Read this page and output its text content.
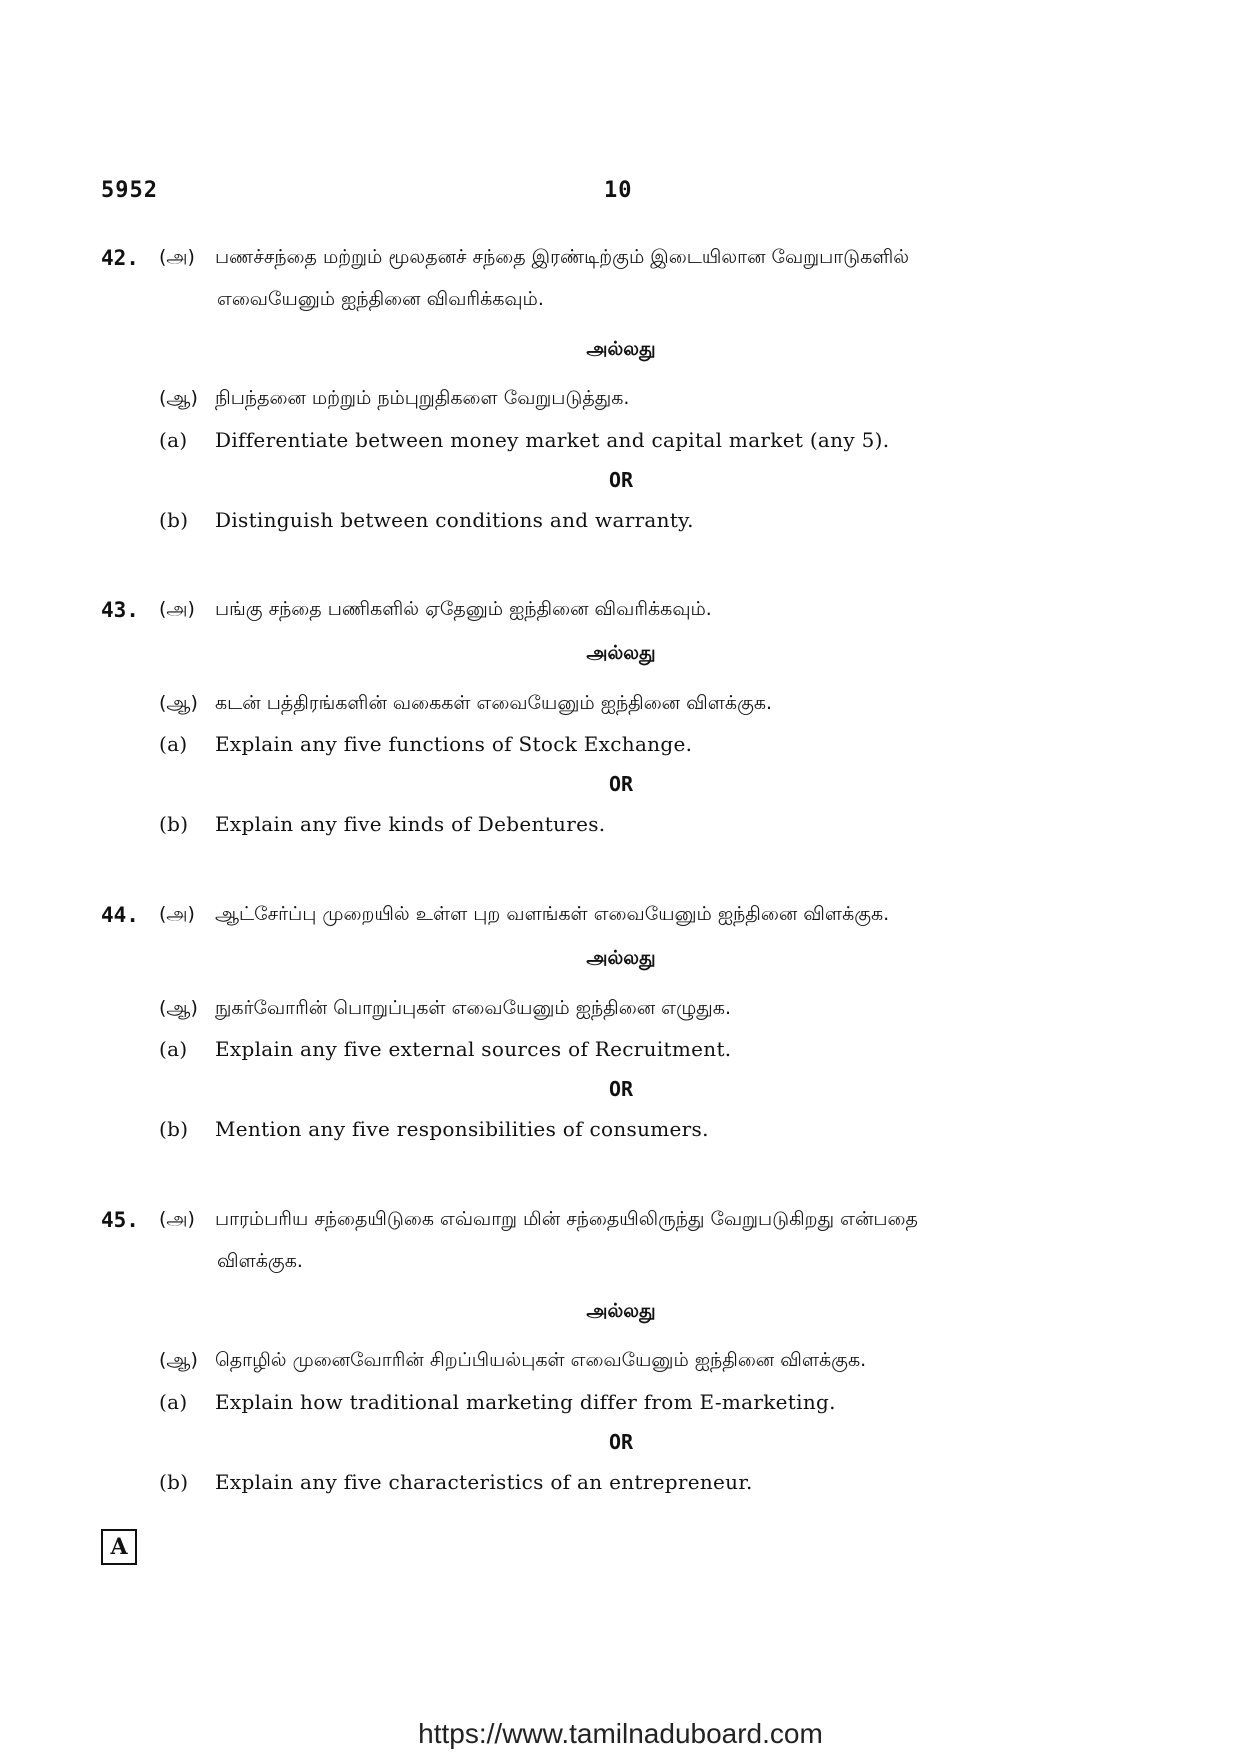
5952	10
42. (அ) பணச்சந்தை மற்றும் மூலதனச் சந்தை இரண்டிற்கும் இடையிலான வேறுபாடுகளில்
எவையேனும் ஐந்தினை விவரிக்கவும்.
அல்லது
(ஆ) நிபந்தனை மற்றும் நம்புறுதிகளை வேறுபடுத்துக.
(a) Differentiate between money market and capital market (any 5).
OR
(b) Distinguish between conditions and warranty.
43. (அ) பங்கு சந்தை பணிகளில் ஏதேனும் ஐந்தினை விவரிக்கவும்.
அல்லது
(ஆ) கடன் பத்திரங்களின் வகைகள் எவையேனும் ஐந்தினை விளக்குக.
(a) Explain any five functions of Stock Exchange.
OR
(b) Explain any five kinds of Debentures.
44. (அ) ஆட்சேர்ப்பு முறையில் உள்ள புற வளங்கள் எவையேனும் ஐந்தினை விளக்குக.
அல்லது
(ஆ) நுகர்வோரின் பொறுப்புகள் எவையேனும் ஐந்தினை எழுதுக.
(a) Explain any five external sources of Recruitment.
OR
(b) Mention any five responsibilities of consumers.
45. (அ) பாரம்பரிய சந்தையிடுகை எவ்வாறு மின் சந்தையிலிருந்து வேறுபடுகிறது என்பதை
விளக்குக.
அல்லது
(ஆ) தொழில் முனைவோரின் சிறப்பியல்புகள் எவையேனும் ஐந்தினை விளக்குக.
(a) Explain how traditional marketing differ from E-marketing.
OR
(b) Explain any five characteristics of an entrepreneur.
A
https://www.tamilnaduboard.com
